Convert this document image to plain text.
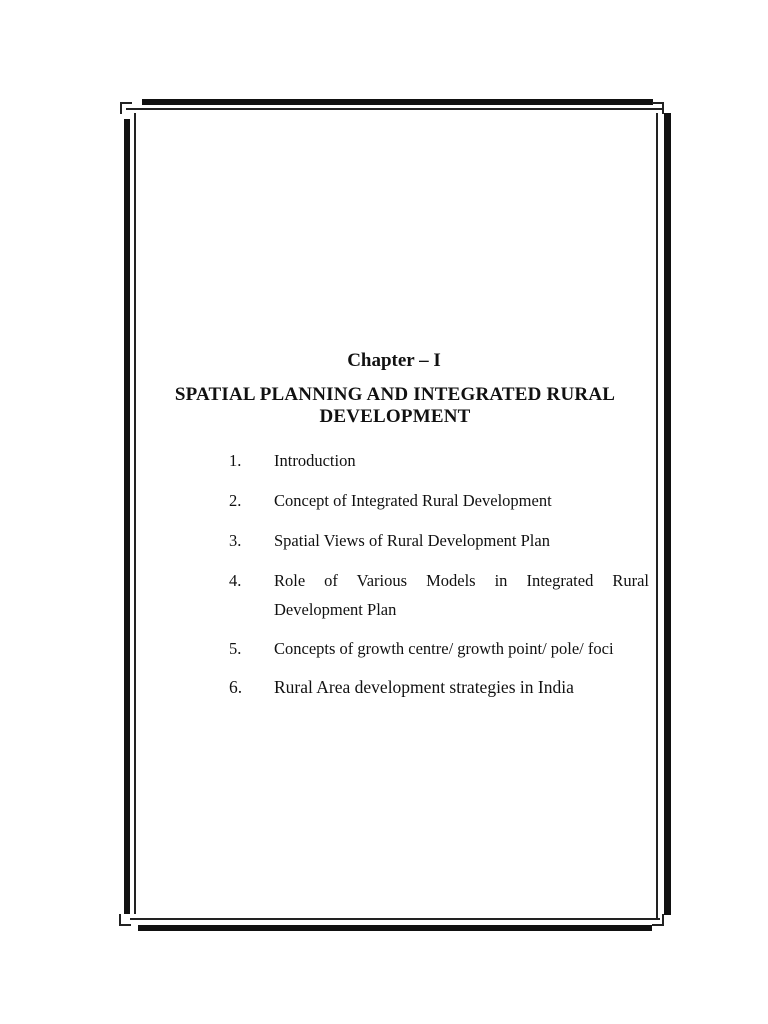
Chapter – I
SPATIAL PLANNING AND INTEGRATED RURAL DEVELOPMENT
1.	Introduction
2.	Concept of Integrated Rural Development
3.	Spatial Views of Rural Development Plan
4.	Role of Various Models in Integrated Rural Development Plan
5.	Concepts of growth centre/ growth point/ pole/ foci
6.	Rural Area development strategies in India
